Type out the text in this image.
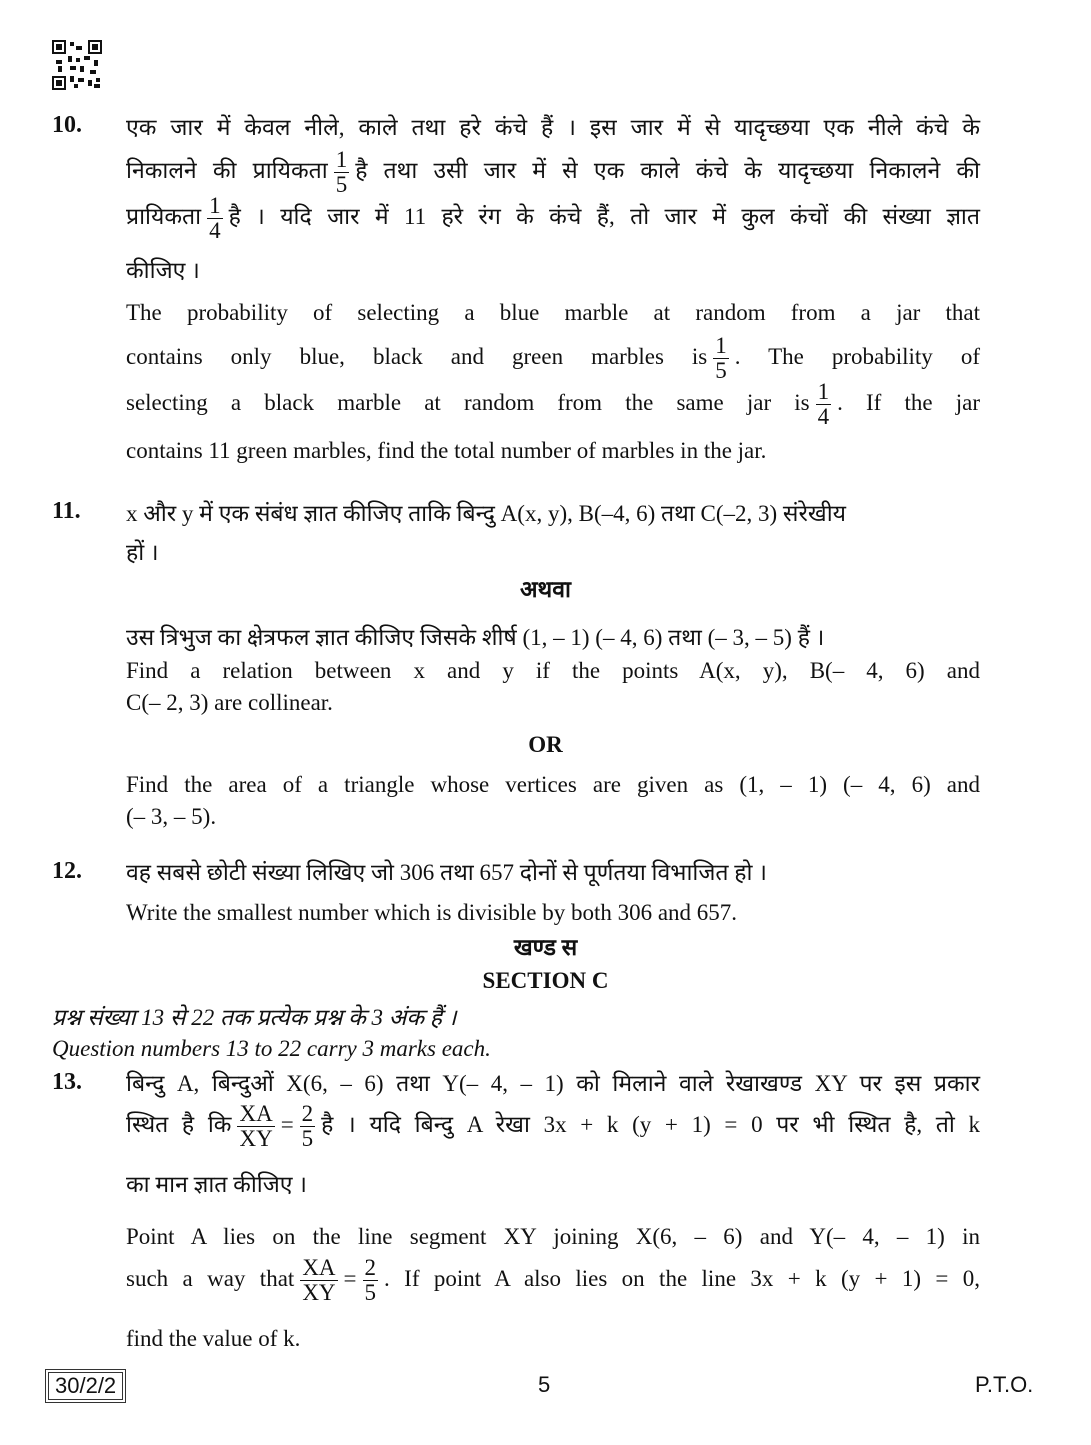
10. एक जार में केवल नीले, काले तथा हरे कंचे हैं । इस जार में से यादृच्छया एक नीले कंचे के
निकालने की प्रायिकता $\frac{1}{5}$ है तथा उसी जार में से एक काले कंचे के यादृच्छया निकालने की
प्रायिकता $\frac{1}{4}$ है । यदि जार में 11 हरे रंग के कंचे हैं, तो जार में कुल कंचों की संख्या ज्ञात
कीजिए ।
The probability of selecting a blue marble at random from a jar that
contains only blue, black and green marbles is $\frac{1}{5}$ . The probability of
selecting a black marble at random from the same jar is $\frac{1}{4}$ . If the jar
contains 11 green marbles, find the total number of marbles in the jar.
11. x और y में एक संबंध ज्ञात कीजिए ताकि बिन्दु A(x, y), B(–4, 6) तथा C(–2, 3) संरेखीय
हों ।
अथवा
उस त्रिभुज का क्षेत्रफल ज्ञात कीजिए जिसके शीर्ष (1, – 1) (– 4, 6) तथा (– 3, – 5) हैं ।
Find a relation between x and y if the points A(x, y), B(– 4, 6) and
C(– 2, 3) are collinear.
OR
Find the area of a triangle whose vertices are given as (1, – 1) (– 4, 6) and
(– 3, – 5).
12. वह सबसे छोटी संख्या लिखिए जो 306 तथा 657 दोनों से पूर्णतया विभाजित हो ।
Write the smallest number which is divisible by both 306 and 657.
खण्ड स
SECTION C
प्रश्न संख्या 13 से 22 तक प्रत्येक प्रश्न के 3 अंक हैं ।
Question numbers 13 to 22 carry 3 marks each.
13. बिन्दु A, बिन्दुओं X(6, – 6) तथा Y(– 4, – 1) को मिलाने वाले रेखाखण्ड XY पर इस प्रकार
स्थित है कि $\frac{XA}{XY} = \frac{2}{5}$ है । यदि बिन्दु A रेखा 3x + k (y + 1) = 0 पर भी स्थित है, तो k
का मान ज्ञात कीजिए ।
Point A lies on the line segment XY joining X(6, – 6) and Y(– 4, – 1) in
such a way that $\frac{XA}{XY} = \frac{2}{5}$ . If point A also lies on the line 3x + k (y + 1) = 0,
find the value of k.
30/2/2	5	P.T.O.
